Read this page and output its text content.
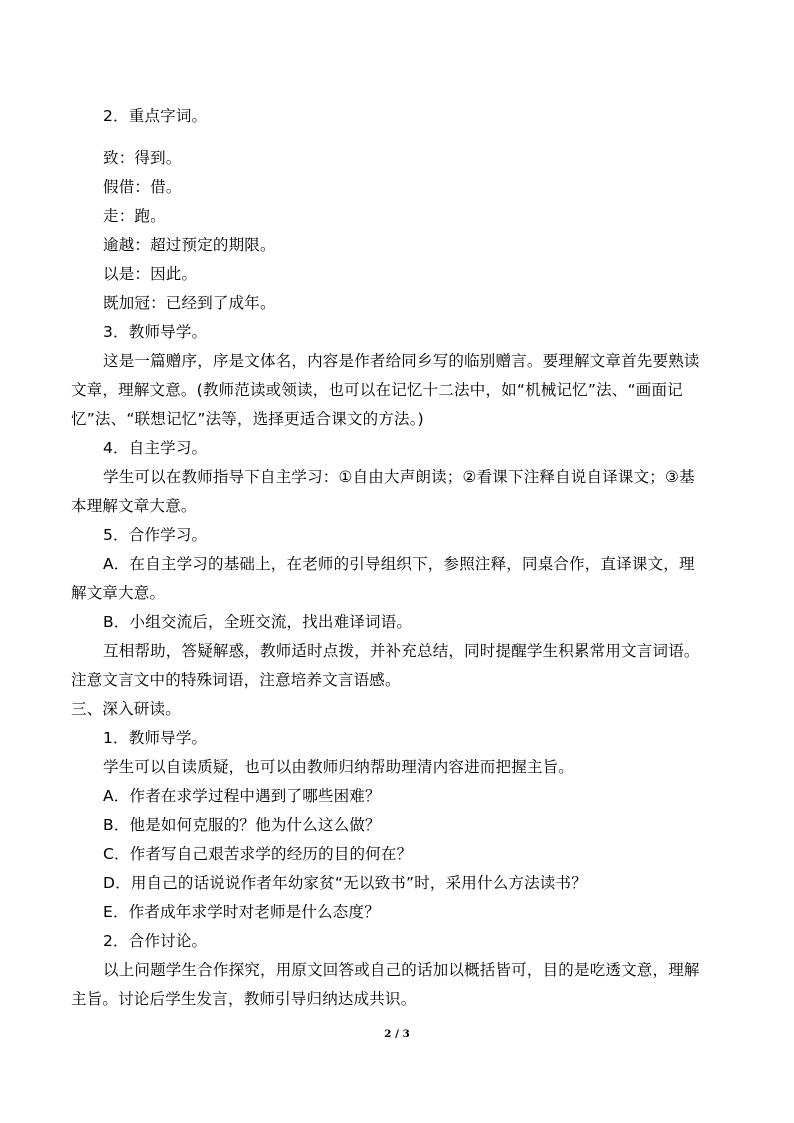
2．重点字词。
致：得到。
假借：借。
走：跑。
逾越：超过预定的期限。
以是：因此。
既加冠：已经到了成年。
3．教师导学。
这是一篇赠序，序是文体名，内容是作者给同乡写的临别赠言。要理解文章首先要熟读
文章，理解文意。(教师范读或领读，也可以在记忆十二法中，如“机械记忆”法、“画面记
忆”法、“联想记忆”法等，选择更适合课文的方法。)
4．自主学习。
学生可以在教师指导下自主学习：①自由大声朗读；②看课下注释自说自译课文；③基
本理解文章大意。
5．合作学习。
A．在自主学习的基础上，在老师的引导组织下，参照注释，同桌合作，直译课文，理
解文章大意。
B．小组交流后，全班交流，找出难译词语。
互相帮助，答疑解惑，教师适时点拨，并补充总结，同时提醒学生积累常用文言词语。
注意文言文中的特殊词语，注意培养文言语感。
三、深入研读。
1．教师导学。
学生可以自读质疑，也可以由教师归纳帮助理清内容进而把握主旨。
A．作者在求学过程中遇到了哪些困难？
B．他是如何克服的？他为什么这么做？
C．作者写自己艰苦求学的经历的目的何在？
D．用自己的话说说作者年幼家贫“无以致书”时，采用什么方法读书？
E．作者成年求学时对老师是什么态度？
2．合作讨论。
以上问题学生合作探究，用原文回答或自己的话加以概括皆可，目的是吃透文意，理解
主旨。讨论后学生发言，教师引导归纳达成共识。
2 / 3
